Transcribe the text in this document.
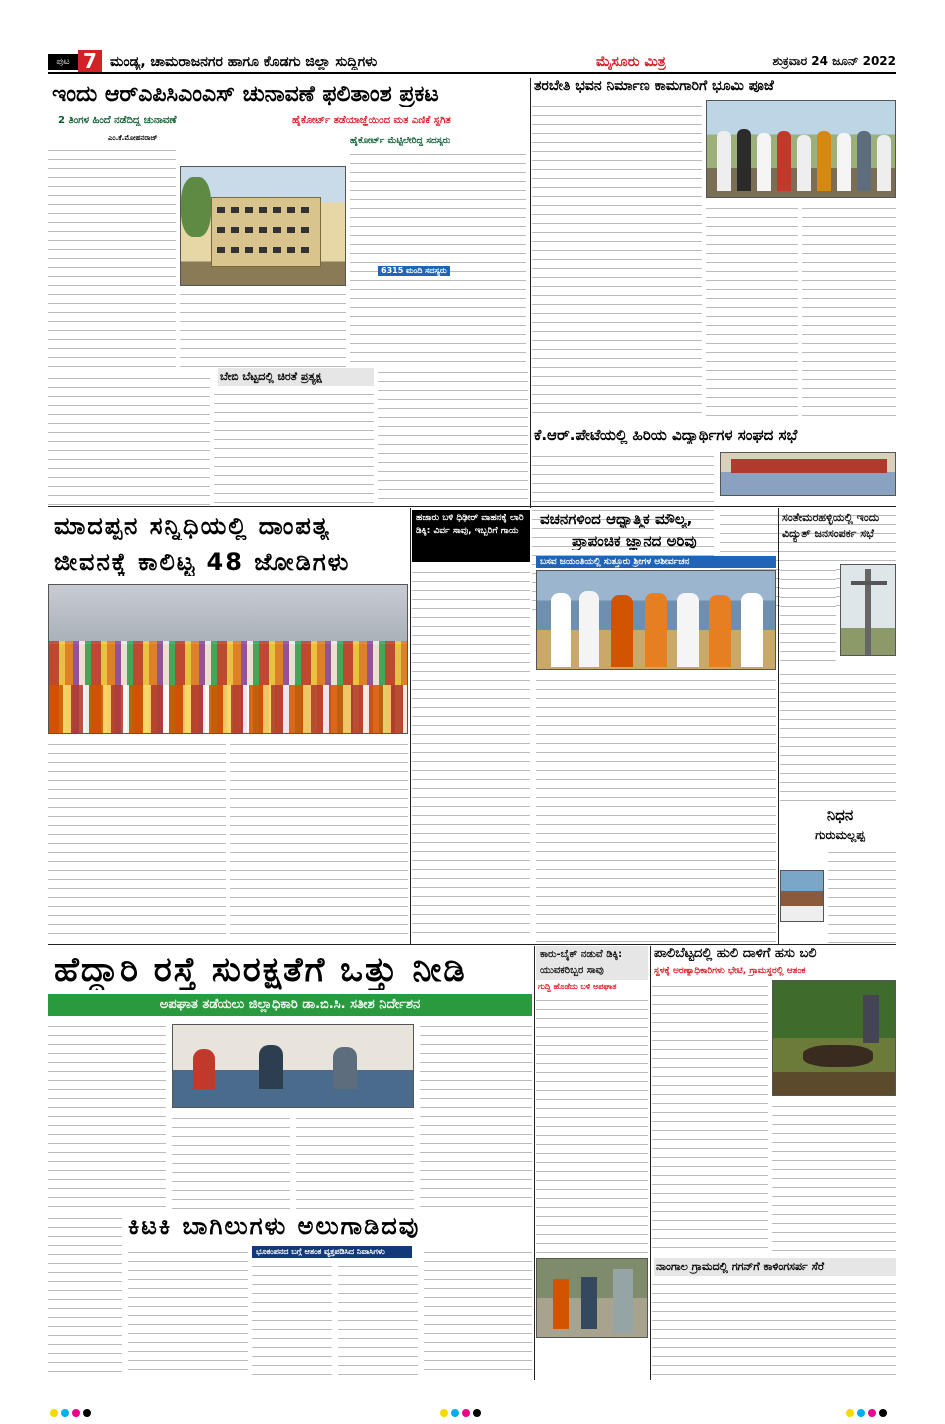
ಪುಟ 7 ಮಂಡ್ಯ, ಚಾಮರಾಜನಗರ ಹಾಗೂ ಕೊಡಗು ಜಿಲ್ಲಾ ಸುದ್ದಿಗಳು	ಮೈಸೂರು ಮಿತ್ರ	ಶುಕ್ರವಾರ 24 ಜೂನ್ 2022
ಇಂದು ಆರ್‌ಎಪಿಸಿಎಂಎಸ್ ಚುನಾವಣೆ ಫಲಿತಾಂಶ ಪ್ರಕಟ
2 ತಿಂಗಳ ಹಿಂದೆ ನಡೆದಿದ್ದ ಚುನಾವಣೆ	ಹೈಕೋರ್ಟ್ ತಡೆಯಾಜ್ಞೆಯಿಂದ ಮತ ಎಣಿಕೆ ಸ್ಥಗಿತ
ಎಂ.ಕೆ.ಮೋಹನರಾಜ್	ಹೈಕೋರ್ಟ್ ಮೆಟ್ಟಿಲೇರಿದ್ದ ಸದಸ್ಯರು
6315 ಮಂದಿ ಸದಸ್ಯರು
ಬೇಬಿ ಬೆಟ್ಟದಲ್ಲಿ ಚಿರತೆ ಪ್ರತ್ಯಕ್ಷ
ತರಬೇತಿ ಭವನ ನಿರ್ಮಾಣ ಕಾಮಗಾರಿಗೆ ಭೂಮಿ ಪೂಜೆ
ಕೆ.ಆರ್.ಪೇಟೆಯಲ್ಲಿ ಹಿರಿಯ ವಿದ್ಯಾರ್ಥಿಗಳ ಸಂಘದ ಸಭೆ
ಮಾದಪ್ಪನ ಸನ್ನಿಧಿಯಲ್ಲಿ ದಾಂಪತ್ಯ
ಜೀವನಕ್ಕೆ ಕಾಲಿಟ್ಟ 48 ಜೋಡಿಗಳು
ಹಜಾರು ಬಳಿ ಧಿಢೀರ್ ವಾಹನಕ್ಕೆ ಲಾರಿ ಡಿಕ್ಕಿ: ವಿರ್ವ ಸಾವು, ಇಬ್ಬರಿಗೆ ಗಾಯ
ವಚನಗಳಿಂದ ಆಧ್ಯಾತ್ಮಿಕ ಮೌಲ್ಯ,
ಪ್ರಾಪಂಚಿಕ ಜ್ಞಾನದ ಅರಿವು
ಬಸವ ಜಯಂತಿಯಲ್ಲಿ ಸುತ್ತೂರು ಶ್ರೀಗಳ ಆಶೀರ್ವಚನ
ಸಂತೇಮರಹಳ್ಳಿಯಲ್ಲಿ ಇಂದು ವಿದ್ಯುತ್ ಜನಸಂಪರ್ಕ ಸಭೆ
ನಿಧನ
ಗುರುಮಲ್ಲಪ್ಪ
ಹೆದ್ದಾರಿ ರಸ್ತೆ ಸುರಕ್ಷತೆಗೆ ಒತ್ತು ನೀಡಿ
ಅಪಘಾತ ತಡೆಯಲು ಜಿಲ್ಲಾಧಿಕಾರಿ ಡಾ.ಬಿ.ಸಿ. ಸತೀಶ ನಿರ್ದೇಶನ
ಕಾರು-ಬೈಕ್ ನಡುವೆ ಡಿಕ್ಕಿ: ಯುವಕರಿಬ್ಬರ ಸಾವು
ಗುದ್ದಿ ಹೊಡೆದು ಬಳಿ ಅಪಘಾತ
ಪಾಲಿಬೆಟ್ಟದಲ್ಲಿ ಹುಲಿ ದಾಳಿಗೆ ಹಸು ಬಲಿ
ಸ್ಥಳಕ್ಕೆ ಅರಣ್ಯಾಧಿಕಾರಿಗಳು ಭೇಟಿ, ಗ್ರಾಮಸ್ಥರಲ್ಲಿ ಆತಂಕ
ಕಿಟಕಿ ಬಾಗಿಲುಗಳು ಅಲುಗಾಡಿದವು
ಭೂಕಂಪನದ ಬಗ್ಗೆ ಆತಂಕ ವ್ಯಕ್ತಪಡಿಸಿದ ನಿವಾಸಿಗಳು
ನಾಂಗಾಲ ಗ್ರಾಮದಲ್ಲಿ ಗಗನ್‌ಗೆ ಕಾಳಿಂಗಸರ್ಪ ಸೆರೆ
